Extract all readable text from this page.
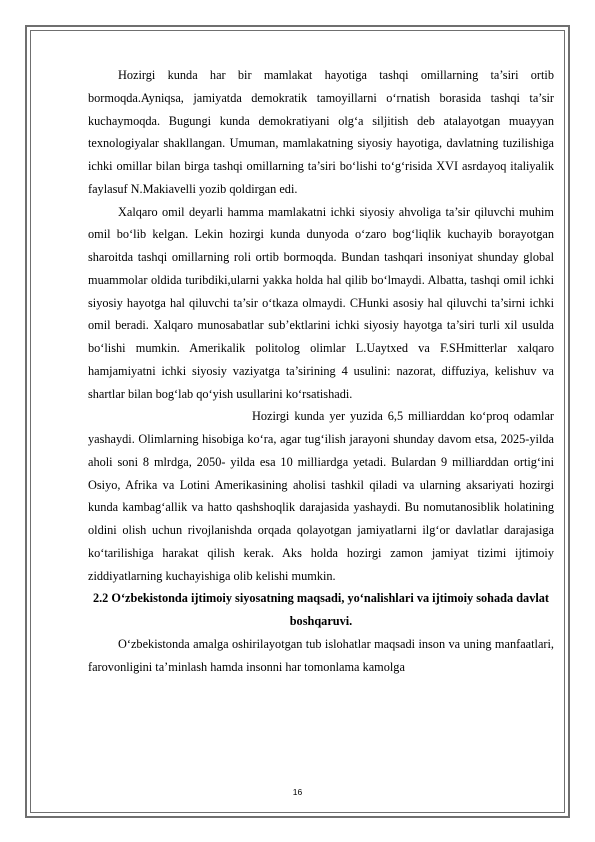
Hozirgi kunda har bir mamlakat hayotiga tashqi omillarning ta’siri ortib bormoqda.Ayniqsa, jamiyatda demokratik tamoyillarni o‘rnatish borasida tashqi ta’sir kuchaymoqda. Bugungi kunda demokratiyani olg‘a siljitish deb atalayotgan muayyan texnologiyalar shakllangan. Umuman, mamlakatning siyosiy hayotiga, davlatning tuzilishiga ichki omillar bilan birga tashqi omillarning ta’siri bo‘lishi to‘g‘risida XVI asrdayoq italiyalik faylasuf N.Makiavelli yozib qoldirgan edi.

Xalqaro omil deyarli hamma mamlakatni ichki siyosiy ahvoliga ta’sir qiluvchi muhim omil bo‘lib kelgan. Lekin hozirgi kunda dunyoda o‘zaro bog‘liqlik kuchayib borayotgan sharoitda tashqi omillarning roli ortib bormoqda. Bundan tashqari insoniyat shunday global muammolar oldida turibdiki,ularni yakka holda hal qilib bo‘lmaydi. Albatta, tashqi omil ichki siyosiy hayotga hal qiluvchi ta’sir o‘tkaza olmaydi. CHunki asosiy hal qiluvchi ta’sirni ichki omil beradi. Xalqaro munosabatlar sub’ektlarini ichki siyosiy hayotga ta’siri turli xil usulda bo‘lishi mumkin. Amerikalik politolog olimlar L.Uaytxed va F.SHmitterlar xalqaro hamjamiyatni ichki siyosiy vaziyatga ta’sirining 4 usulini: nazorat, diffuziya, kelishuv va shartlar bilan bog‘lab qo‘yish usullarini ko‘rsatishadi.

Hozirgi kunda yer yuzida 6,5 milliarddan ko‘proq odamlar yashaydi. Olimlarning hisobiga ko‘ra, agar tug‘ilish jarayoni shunday davom etsa, 2025-yilda aholi soni 8 mlrdga, 2050- yilda esa 10 milliardga yetadi. Bulardan 9 milliarddan ortig‘ini Osiyo, Afrika va Lotini Amerikasining aholisi tashkil qiladi va ularning aksariyati hozirgi kunda kambag‘allik va hatto qashshoqlik darajasida yashaydi. Bu nomutanosiblik holatining oldini olish uchun rivojlanishda orqada qolayotgan jamiyatlarni ilg‘or davlatlar darajasiga ko‘tarilishiga harakat qilish kerak. Aks holda hozirgi zamon jamiyat tizimi ijtimoiy ziddiyatlarning kuchayishiga olib kelishi mumkin.

2.2 O‘zbekistonda ijtimoiy siyosatning maqsadi, yo‘nalishlari va ijtimoiy sohada davlat boshqaruvi.

O‘zbekistonda amalga oshirilayotgan tub islohatlar maqsadi inson va uning manfaatlari, farovonligini ta’minlash hamda insonni har tomonlama kamolga

16
